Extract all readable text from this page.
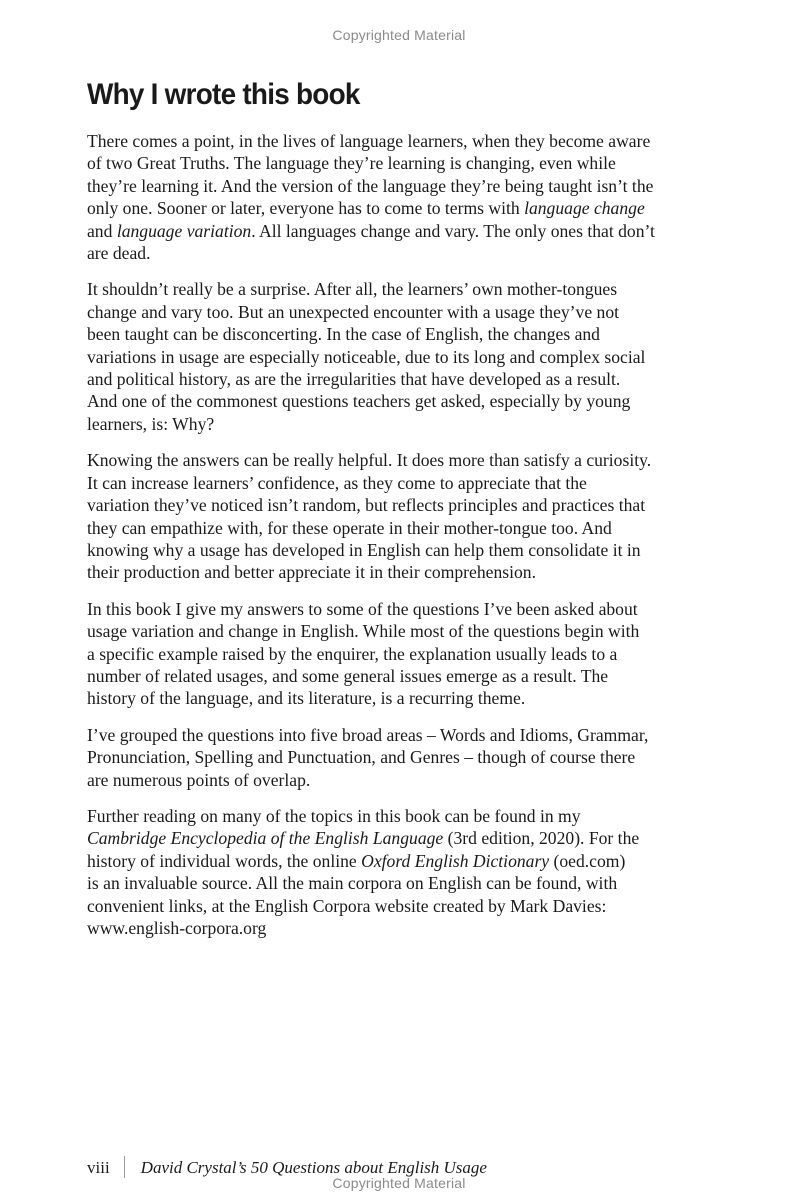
Copyrighted Material
Why I wrote this book

There comes a point, in the lives of language learners, when they become aware
of two Great Truths. The language they’re learning is changing, even while
they’re learning it. And the version of the language they’re being taught isn’t the
only one. Sooner or later, everyone has to come to terms with language change
and language variation. All languages change and vary. The only ones that don’t
are dead.

It shouldn’t really be a surprise. After all, the learners’ own mother-tongues
change and vary too. But an unexpected encounter with a usage they’ve not
been taught can be disconcerting. In the case of English, the changes and
variations in usage are especially noticeable, due to its long and complex social
and political history, as are the irregularities that have developed as a result.
And one of the commonest questions teachers get asked, especially by young
learners, is: Why?

Knowing the answers can be really helpful. It does more than satisfy a curiosity.
It can increase learners’ confidence, as they come to appreciate that the
variation they’ve noticed isn’t random, but reflects principles and practices that
they can empathize with, for these operate in their mother-tongue too. And
knowing why a usage has developed in English can help them consolidate it in
their production and better appreciate it in their comprehension.

In this book I give my answers to some of the questions I’ve been asked about
usage variation and change in English. While most of the questions begin with
a specific example raised by the enquirer, the explanation usually leads to a
number of related usages, and some general issues emerge as a result. The
history of the language, and its literature, is a recurring theme.

I’ve grouped the questions into five broad areas – Words and Idioms, Grammar,
Pronunciation, Spelling and Punctuation, and Genres – though of course there
are numerous points of overlap.

Further reading on many of the topics in this book can be found in my
Cambridge Encyclopedia of the English Language (3rd edition, 2020). For the
history of individual words, the online Oxford English Dictionary (oed.com)
is an invaluable source. All the main corpora on English can be found, with
convenient links, at the English Corpora website created by Mark Davies:
www.english-corpora.org

viii David Crystal’s 50 Questions about English Usage
Copyrighted Material
